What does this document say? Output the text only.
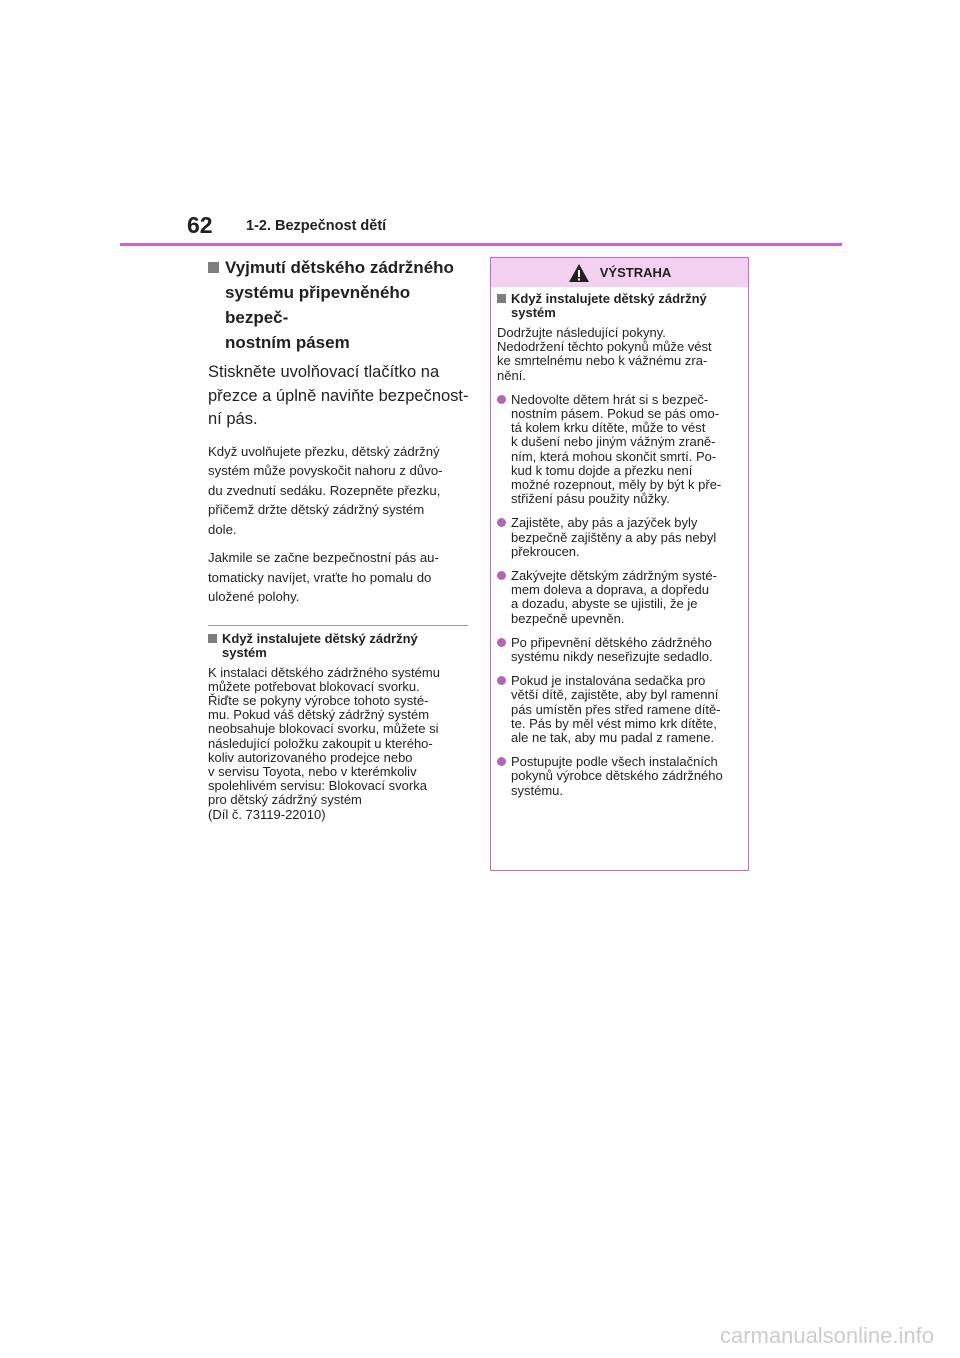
62 1-2. Bezpečnost dětí
Vyjmutí dětského zádržného
systému připevněného bezpeč-
nostním pásem

Stiskněte uvolňovací tlačítko na
přezce a úplně naviňte bezpečnost-
ní pás.

Když uvolňujete přezku, dětský zádržný
systém může povyskočit nahoru z důvo-
du zvednutí sedáku. Rozepněte přezku,
přičemž držte dětský zádržný systém
dole.

Jakmile se začne bezpečnostní pás au-
tomaticky navíjet, vraťte ho pomalu do
uložené polohy.

Když instalujete dětský zádržný
systém

K instalaci dětského zádržného systému
můžete potřebovat blokovací svorku.
Řiďte se pokyny výrobce tohoto systé-
mu. Pokud váš dětský zádržný systém
neobsahuje blokovací svorku, můžete si
následující položku zakoupit u kterého-
koliv autorizovaného prodejce nebo
v servisu Toyota, nebo v kterémkoliv
spolehlivém servisu: Blokovací svorka
pro dětský zádržný systém
(Díl č. 73119-22010)

VÝSTRAHA
Když instalujete dětský zádržný
systém

Dodržujte následující pokyny.
Nedodržení těchto pokynů může vést
ke smrtelnému nebo k vážnému zra-
nění.

Nedovolte dětem hrát si s bezpeč-
nostním pásem. Pokud se pás omo-
tá kolem krku dítěte, může to vést
k dušení nebo jiným vážným zraně-
ním, která mohou skončit smrtí. Po-
kud k tomu dojde a přezku není
možné rozepnout, měly by být k pře-
střižení pásu použity nůžky.
Zajistěte, aby pás a jazýček byly
bezpečně zajištěny a aby pás nebyl
překroucen.
Zakývejte dětským zádržným systé-
mem doleva a doprava, a dopředu
a dozadu, abyste se ujistili, že je
bezpečně upevněn.
Po připevnění dětského zádržného
systému nikdy neseřizujte sedadlo.
Pokud je instalována sedačka pro
větší dítě, zajistěte, aby byl ramenní
pás umístěn přes střed ramene dítě-
te. Pás by měl vést mimo krk dítěte,
ale ne tak, aby mu padal z ramene.
Postupujte podle všech instalačních
pokynů výrobce dětského zádržného
systému.
carmanualsonline.info
